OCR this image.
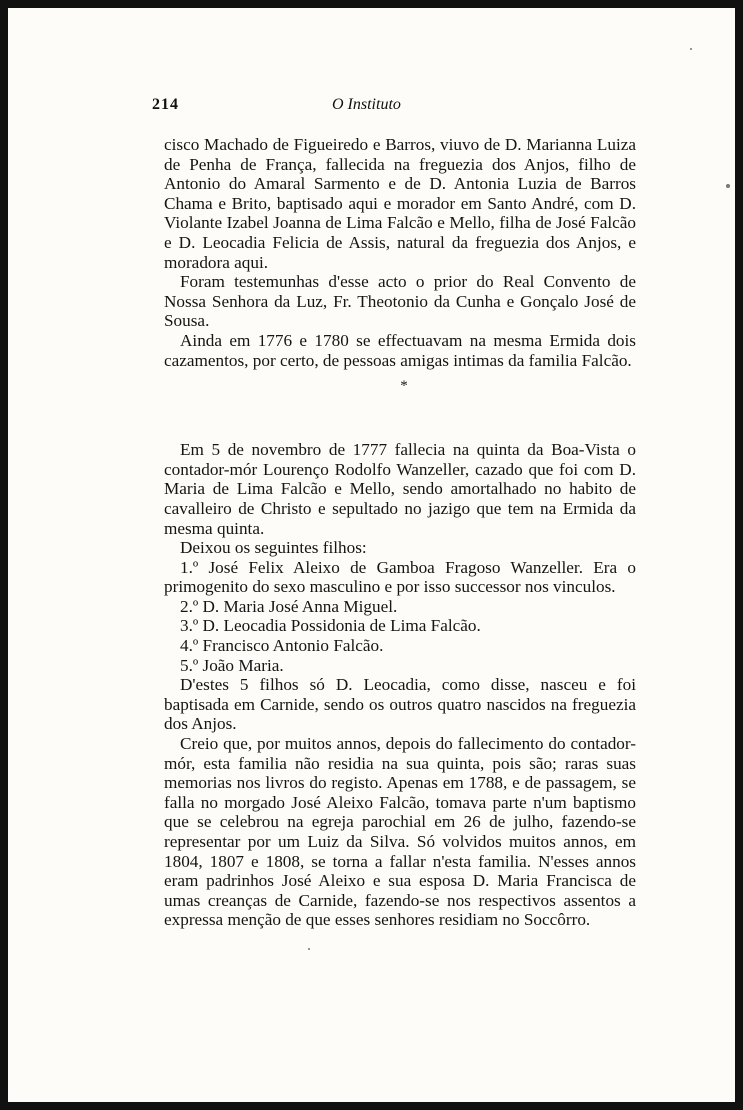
214	O Instituto

cisco Machado de Figueiredo e Barros, viuvo de D. Marianna Luiza de Penha de França, fallecida na freguezia dos Anjos, filho de Antonio do Amaral Sarmento e de D. Antonia Luzia de Barros Chama e Brito, baptisado aqui e morador em Santo André, com D. Violante Izabel Joanna de Lima Falcão e Mello, filha de José Falcão e D. Leocadia Felicia de Assis, natural da freguezia dos Anjos, e moradora aqui.

Foram testemunhas d'esse acto o prior do Real Convento de Nossa Senhora da Luz, Fr. Theotonio da Cunha e Gonçalo José de Sousa.

Ainda em 1776 e 1780 se effectuavam na mesma Ermida dois cazamentos, por certo, de pessoas amigas intimas da familia Falcão.

*

Em 5 de novembro de 1777 fallecia na quinta da Boa-Vista o contador-mór Lourenço Rodolfo Wanzeller, cazado que foi com D. Maria de Lima Falcão e Mello, sendo amortalhado no habito de cavalleiro de Christo e sepultado no jazigo que tem na Ermida da mesma quinta.

Deixou os seguintes filhos:

1.º José Felix Aleixo de Gamboa Fragoso Wanzeller. Era o primogenito do sexo masculino e por isso successor nos vinculos.

2.º D. Maria José Anna Miguel.

3.º D. Leocadia Possidonia de Lima Falcão.

4.º Francisco Antonio Falcão.

5.º João Maria.

D'estes 5 filhos só D. Leocadia, como disse, nasceu e foi baptisada em Carnide, sendo os outros quatro nascidos na freguezia dos Anjos.

Creio que, por muitos annos, depois do fallecimento do contador-mór, esta familia não residia na sua quinta, pois são; raras suas memorias nos livros do registo. Apenas em 1788, e de passagem, se falla no morgado José Aleixo Falcão, tomava parte n'um baptismo que se celebrou na egreja parochial em 26 de julho, fazendo-se representar por um Luiz da Silva. Só volvidos muitos annos, em 1804, 1807 e 1808, se torna a fallar n'esta familia. N'esses annos eram padrinhos José Aleixo e sua esposa D. Maria Francisca de umas creanças de Carnide, fazendo-se nos respectivos assentos a expressa menção de que esses senhores residiam no Soccôrro.
